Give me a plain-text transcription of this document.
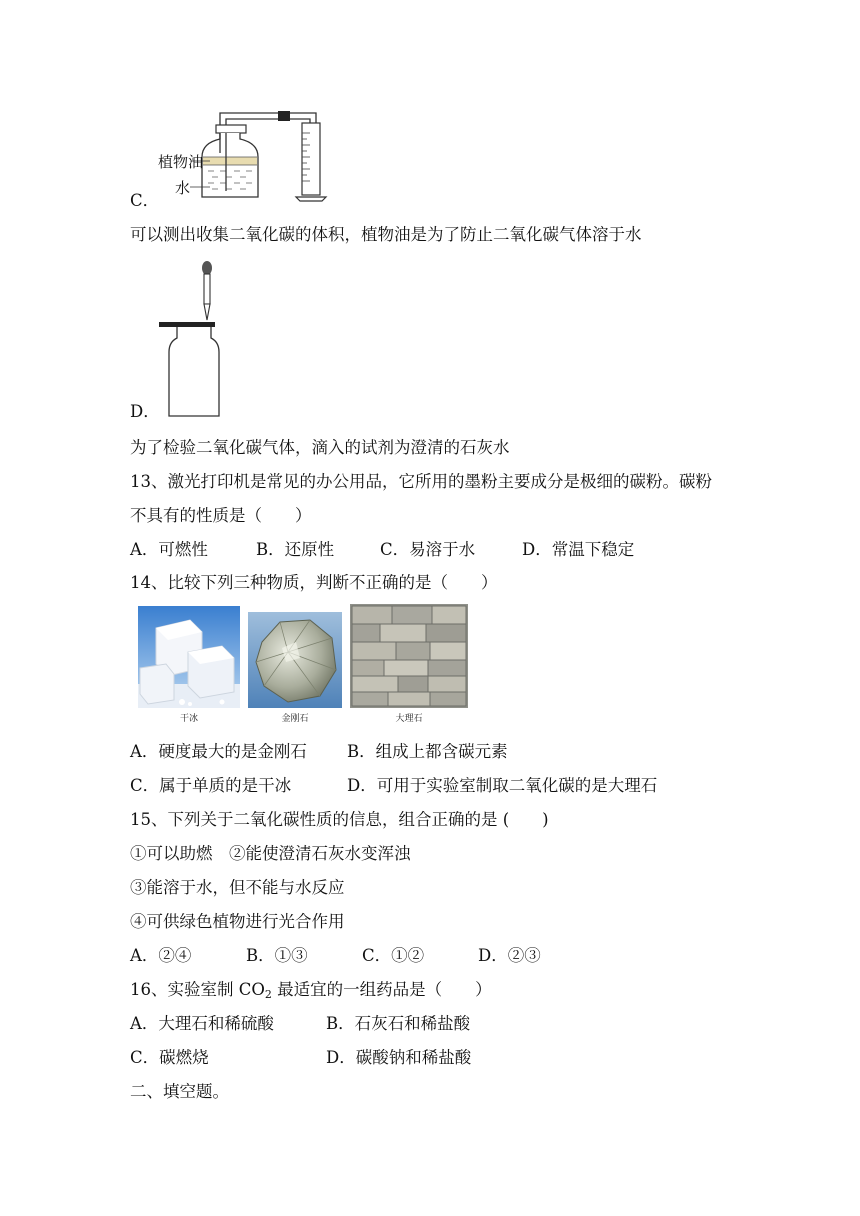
植物油
水
C．
可以测出收集二氧化碳的体积，植物油是为了防止二氧化碳气体溶于水
D．
为了检验二氧化碳气体，滴入的试剂为澄清的石灰水
13、激光打印机是常见的办公用品，它所用的墨粉主要成分是极细的碳粉。碳粉
不具有的性质是（　　）
A．可燃性	B．还原性	C．易溶于水	D．常温下稳定
14、比较下列三种物质，判断不正确的是（　　）
干冰	金刚石	大理石
A．硬度最大的是金刚石 B．组成上都含碳元素
C．属于单质的是干冰	D．可用于实验室制取二氧化碳的是大理石
15、下列关于二氧化碳性质的信息，组合正确的是 (　　)
①可以助燃　②能使澄清石灰水变浑浊
③能溶于水，但不能与水反应
④可供绿色植物进行光合作用
A．②④	B．①③	C．①②	D．②③
16、实验室制 $CO_2$ 最适宜的一组药品是（　　）
A．大理石和稀硫酸	B．石灰石和稀盐酸
C．碳燃烧	D．碳酸钠和稀盐酸
二、填空题。
